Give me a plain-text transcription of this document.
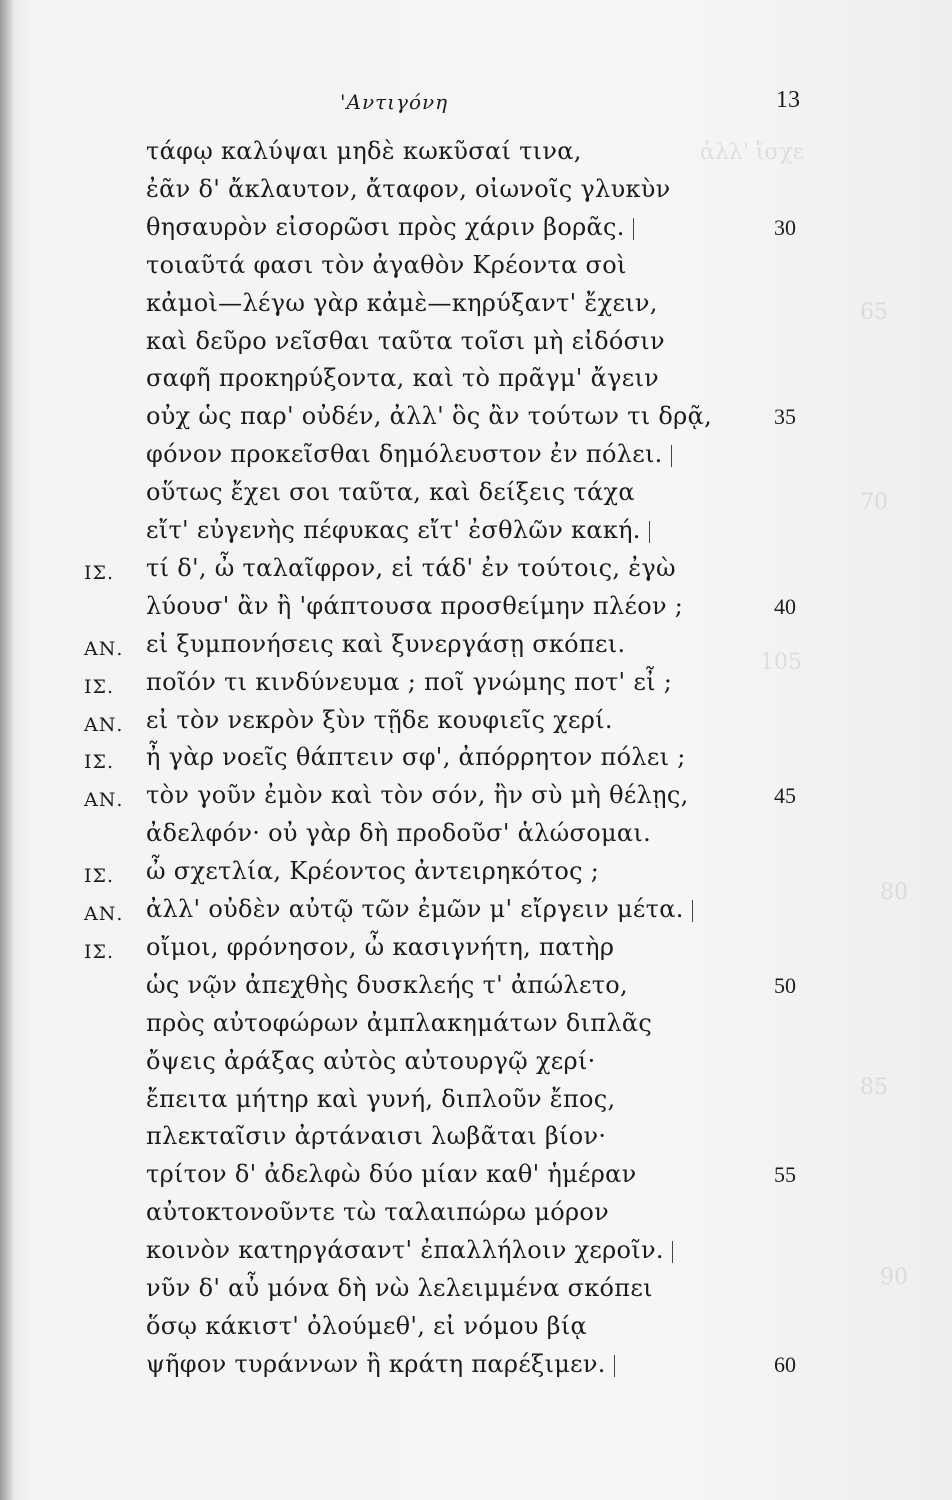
ἀλλ' ἴσχε
65
70
105
80
85
90
'Αντιγόνη	13
τάφῳ καλύψαι μηδὲ κωκῦσαί τινα,
ἐᾶν δ' ἄκλαυτον, ἄταφον, οἰωνοῖς γλυκὺν
θησαυρὸν εἰσορῶσι πρὸς χάριν βορᾶς.	30
τοιαῦτά φασι τὸν ἀγαθὸν Κρέοντα σοὶ
κἀμοὶ—λέγω γὰρ κἀμὲ—κηρύξαντ' ἔχειν,
καὶ δεῦρο νεῖσθαι ταῦτα τοῖσι μὴ εἰδόσιν
σαφῆ προκηρύξοντα, καὶ τὸ πρᾶγμ' ἄγειν
οὐχ ὡς παρ' οὐδέν, ἀλλ' ὃς ἂν τούτων τι δρᾷ,	35
φόνον προκεῖσθαι δημόλευστον ἐν πόλει.
οὕτως ἔχει σοι ταῦτα, καὶ δείξεις τάχα
εἴτ' εὐγενὴς πέφυκας εἴτ' ἐσθλῶν κακή.
ΙΣ. τί δ', ὦ ταλαῖφρον, εἰ τάδ' ἐν τούτοις, ἐγὼ
λύουσ' ἂν ἢ 'φάπτουσα προσθείμην πλέον ;	40
ΑΝ. εἰ ξυμπονήσεις καὶ ξυνεργάσῃ σκόπει.
ΙΣ. ποῖόν τι κινδύνευμα ; ποῖ γνώμης ποτ' εἶ ;
ΑΝ. εἰ τὸν νεκρὸν ξὺν τῇδε κουφιεῖς χερί.
ΙΣ. ἦ γὰρ νοεῖς θάπτειν σφ', ἀπόρρητον πόλει ;
ΑΝ. τὸν γοῦν ἐμὸν καὶ τὸν σόν, ἢν σὺ μὴ θέλῃς,	45
ἀδελφόν· οὐ γὰρ δὴ προδοῦσ' ἁλώσομαι.
ΙΣ. ὦ σχετλία, Κρέοντος ἀντειρηκότος ;
ΑΝ. ἀλλ' οὐδὲν αὐτῷ τῶν ἐμῶν μ' εἴργειν μέτα.
ΙΣ. οἴμοι, φρόνησον, ὦ κασιγνήτη, πατὴρ
ὡς νῷν ἀπεχθὴς δυσκλεής τ' ἀπώλετο,	50
πρὸς αὐτοφώρων ἀμπλακημάτων διπλᾶς
ὄψεις ἀράξας αὐτὸς αὐτουργῷ χερί·
ἔπειτα μήτηρ καὶ γυνή, διπλοῦν ἔπος,
πλεκταῖσιν ἀρτάναισι λωβᾶται βίον·
τρίτον δ' ἀδελφὼ δύο μίαν καθ' ἡμέραν	55
αὐτοκτονοῦντε τὼ ταλαιπώρω μόρον
κοινὸν κατηργάσαντ' ἐπαλλήλοιν χεροῖν.
νῦν δ' αὖ μόνα δὴ νὼ λελειμμένα σκόπει
ὅσῳ κάκιστ' ὀλούμεθ', εἰ νόμου βίᾳ
ψῆφον τυράννων ἢ κράτη παρέξιμεν.	60
